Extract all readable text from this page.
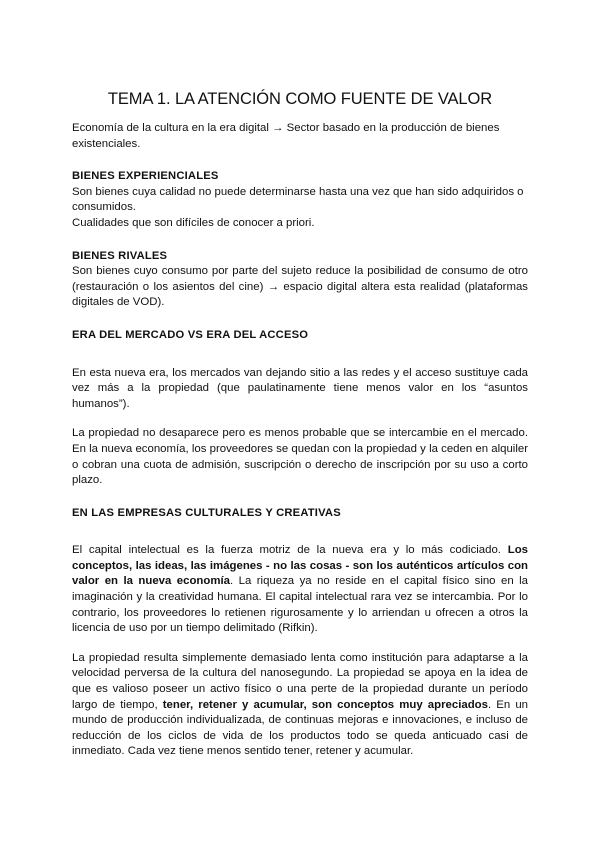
TEMA 1. LA ATENCIÓN COMO FUENTE DE VALOR

Economía de la cultura en la era digital → Sector basado en la producción de bienes existenciales.

BIENES EXPERIENCIALES

Son bienes cuya calidad no puede determinarse hasta una vez que han sido adquiridos o consumidos.

Cualidades que son difíciles de conocer a priori.

BIENES RIVALES

Son bienes cuyo consumo por parte del sujeto reduce la posibilidad de consumo de otro (restauración o los asientos del cine) → espacio digital altera esta realidad (plataformas digitales de VOD).

ERA DEL MERCADO VS ERA DEL ACCESO

En esta nueva era, los mercados van dejando sitio a las redes y el acceso sustituye cada vez más a la propiedad (que paulatinamente tiene menos valor en los “asuntos humanos”).

La propiedad no desaparece pero es menos probable que se intercambie en el mercado. En la nueva economía, los proveedores se quedan con la propiedad y la ceden en alquiler o cobran una cuota de admisión, suscripción o derecho de inscripción por su uso a corto plazo.

EN LAS EMPRESAS CULTURALES Y CREATIVAS

El capital intelectual es la fuerza motriz de la nueva era y lo más codiciado. Los conceptos, las ideas, las imágenes - no las cosas - son los auténticos artículos con valor en la nueva economía. La riqueza ya no reside en el capital físico sino en la imaginación y la creatividad humana. El capital intelectual rara vez se intercambia. Por lo contrario, los proveedores lo retienen rigurosamente y lo arriendan u ofrecen a otros la licencia de uso por un tiempo delimitado (Rifkin).

La propiedad resulta simplemente demasiado lenta como institución para adaptarse a la velocidad perversa de la cultura del nanosegundo. La propiedad se apoya en la idea de que es valioso poseer un activo físico o una perte de la propiedad durante un período largo de tiempo, tener, retener y acumular, son conceptos muy apreciados. En un mundo de producción individualizada, de continuas mejoras e innovaciones, e incluso de reducción de los ciclos de vida de los productos todo se queda anticuado casi de inmediato. Cada vez tiene menos sentido tener, retener y acumular.
